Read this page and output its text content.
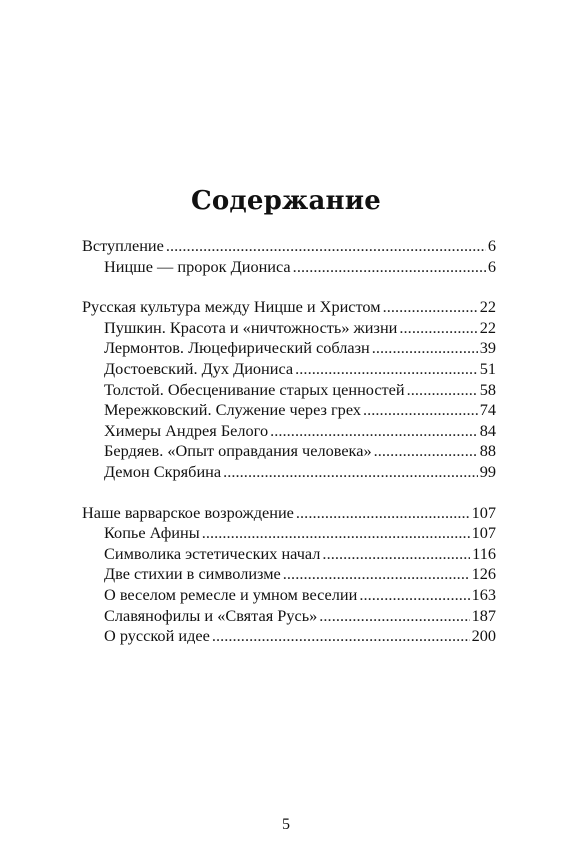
Содержание
Вступление . . .	6
Ницше — пророк Диониса . . .	6
Русская культура между Ницше и Христом . . .	22
Пушкин. Красота и «ничтожность» жизни . . .	22
Лермонтов. Люцефирический соблазн . . .	39
Достоевский. Дух Диониса . . .	51
Толстой. Обесценивание старых ценностей . . .	58
Мережковский. Служение через грех . . .	74
Химеры Андрея Белого . . .	84
Бердяев. «Опыт оправдания человека» . . .	88
Демон Скрябина . . .	99
Наше варварское возрождение . . .	107
Копье Афины . . .	107
Символика эстетических начал . . .	116
Две стихии в символизме . . .	126
О веселом ремесле и умном веселии . . .	163
Славянофилы и «Святая Русь» . . .	187
О русской идее . . .	200
5
